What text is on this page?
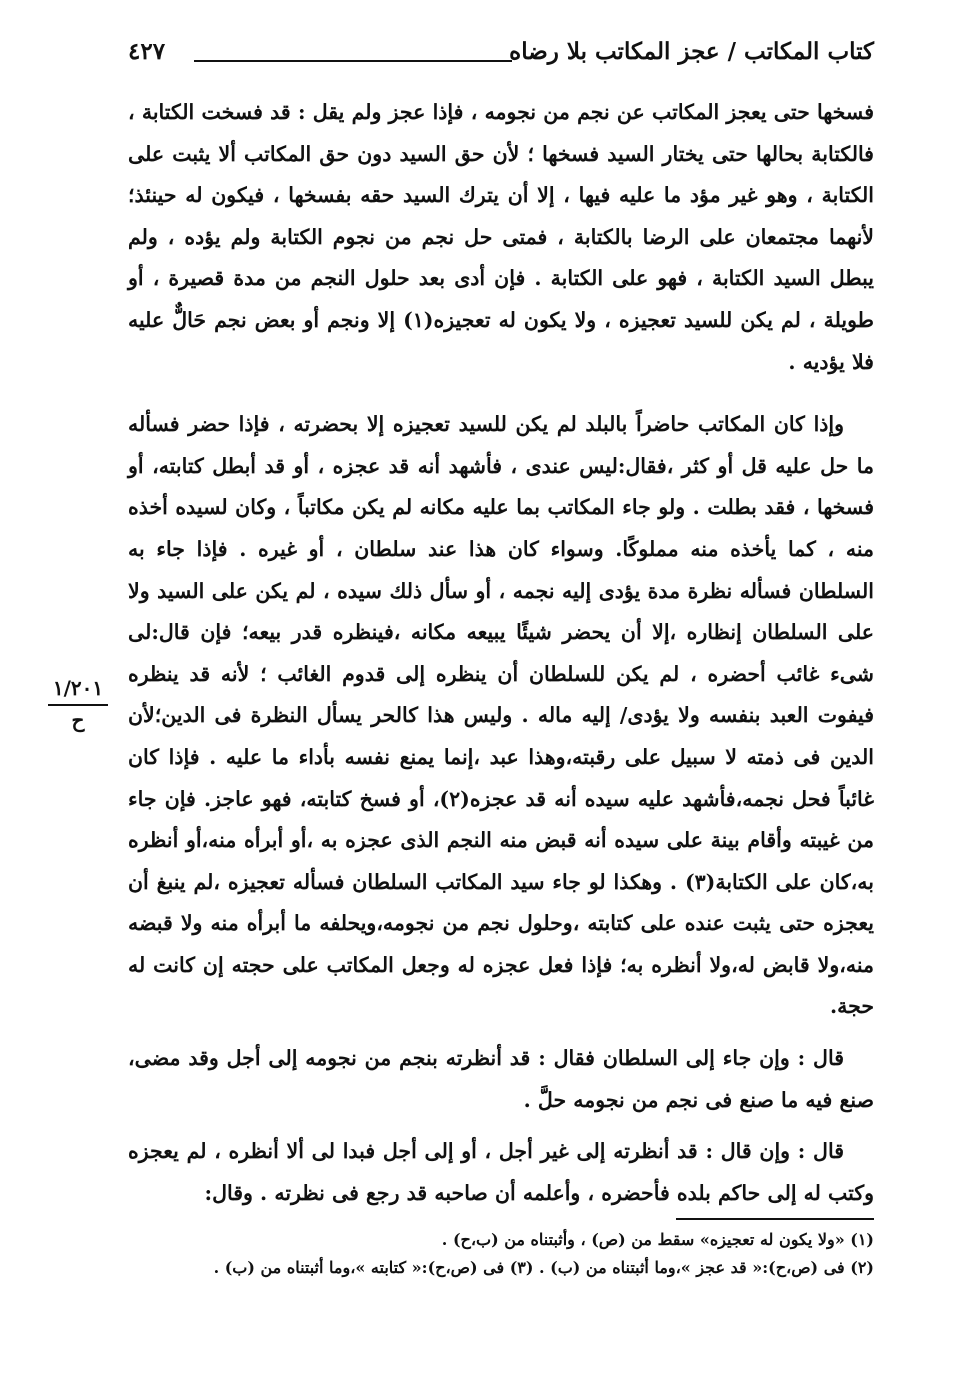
كتاب المكاتب / عجز المكاتب بلا رضاه
٤٢٧
١/٢٠١
ح

فسخها حتى يعجز المكاتب عن نجم من نجومه ، فإذا عجز ولم يقل : قد فسخت الكتابة ، فالكتابة بحالها حتى يختار السيد فسخها ؛ لأن حق السيد دون حق المكاتب ألا يثبت على الكتابة ، وهو غير مؤد ما عليه فيها ، إلا أن يترك السيد حقه بفسخها ، فيكون له حينئذ؛ لأنهما مجتمعان على الرضا بالكتابة ، فمتى حل نجم من نجوم الكتابة ولم يؤده ، ولم يبطل السيد الكتابة ، فهو على الكتابة . فإن أدى بعد حلول النجم من مدة قصيرة ، أو طويلة ، لم يكن للسيد تعجيزه ، ولا يكون له تعجيزه(١) إلا ونجم أو بعض نجم حَالٌّ عليه فلا يؤديه .

وإذا كان المكاتب حاضراً بالبلد لم يكن للسيد تعجيزه إلا بحضرته ، فإذا حضر فسأله ما حل عليه قل أو كثر ،فقال:ليس عندى ، فأشهد أنه قد عجزه ، أو قد أبطل كتابته، أو فسخها ، فقد بطلت . ولو جاء المكاتب بما عليه مكانه لم يكن مكاتباً ، وكان لسيده أخذه منه ، كما يأخذه منه مملوكًا. وسواء كان هذا عند سلطان ، أو غيره . فإذا جاء به السلطان فسأله نظرة مدة يؤدى إليه نجمه ، أو سأل ذلك سيده ، لم يكن على السيد ولا على السلطان إنظاره ،إلا أن يحضر شيئًا يبيعه مكانه ،فينظره قدر بيعه؛ فإن قال:لى شىء غائب أحضره ، لم يكن للسلطان أن ينظره إلى قدوم الغائب ؛ لأنه قد ينظره فيفوت العبد بنفسه ولا يؤدى/ إليه ماله . وليس هذا كالحر يسأل النظرة فى الدين؛لأن الدين فى ذمته لا سبيل على رقبته،وهذا عبد ،إنما يمنع نفسه بأداء ما عليه . فإذا كان غائباً فحل نجمه،فأشهد عليه سيده أنه قد عجزه(٢)، أو فسخ كتابته، فهو عاجز. فإن جاء من غيبته وأقام بينة على سيده أنه قبض منه النجم الذى عجزه به ،أو أبرأه منه،أو أنظره به،كان على الكتابة(٣) . وهكذا لو جاء سيد المكاتب السلطان فسأله تعجيزه ،لم ينبغ أن يعجزه حتى يثبت عنده على كتابته ،وحلول نجم من نجومه،ويحلفه ما أبرأه منه ولا قبضه منه،ولا قابض له،ولا أنظره به؛ فإذا فعل عجزه له وجعل المكاتب على حجته إن كانت له حجة.

قال : وإن جاء إلى السلطان فقال : قد أنظرته بنجم من نجومه إلى أجل وقد مضى، صنع فيه ما صنع فى نجم من نجومه حلَّ .

قال : وإن قال : قد أنظرته إلى غير أجل ، أو إلى أجل فبدا لى ألا أنظره ، لم يعجزه وكتب له إلى حاكم بلده فأحضره ، وأعلمه أن صاحبه قد رجع فى نظرته . وقال:

(١) «ولا يكون له تعجيزه» سقط من (ص) ، وأثبتناه من (ب،ح) .

(٢) فى (ص،ح):« قد عجز »،وما أثبتناه من (ب) . (٣) فى (ص،ح):« كتابته »،وما أثبتناه من (ب) .
